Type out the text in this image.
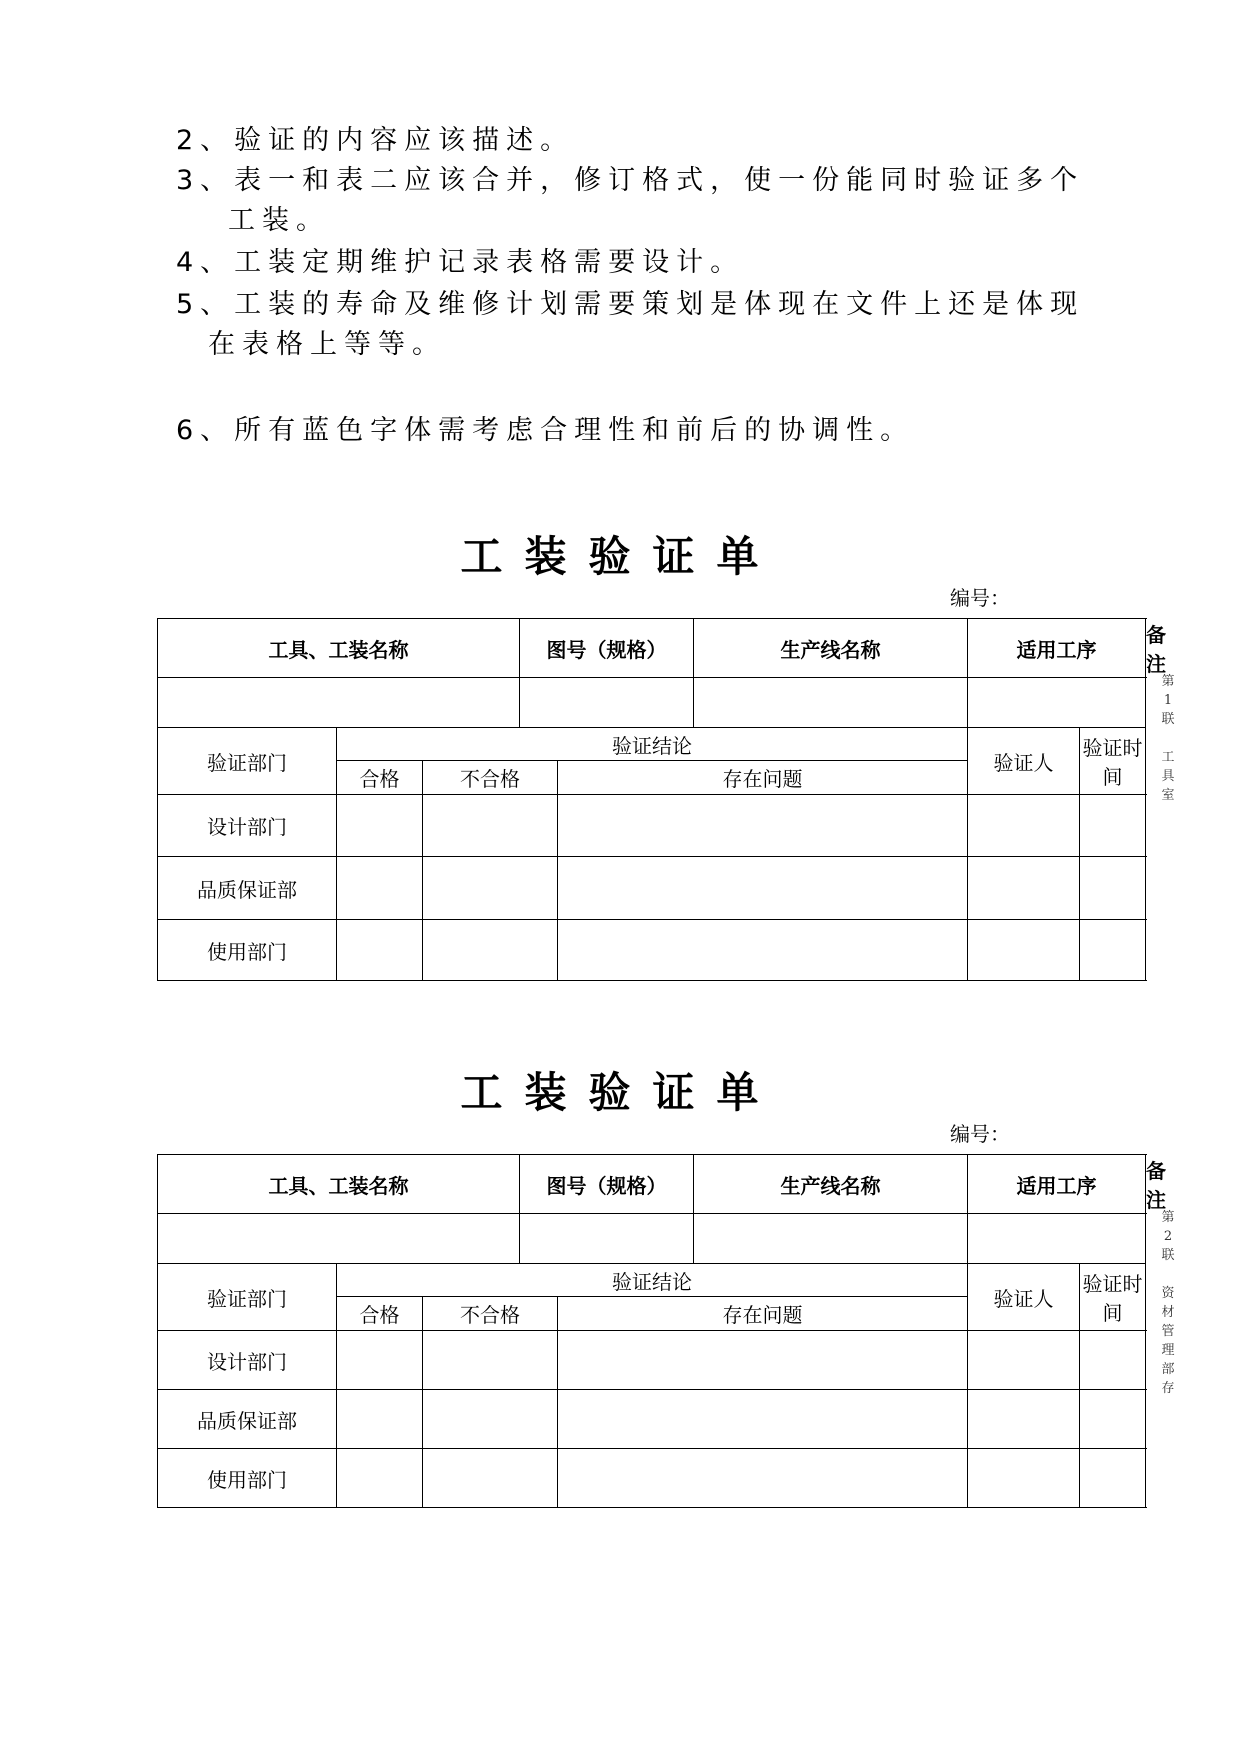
2、验证的内容应该描述。
3、表一和表二应该合并，修订格式，使一份能同时验证多个
工装。
4、工装定期维护记录表格需要设计。
5、工装的寿命及维修计划需要策划是体现在文件上还是体现
在表格上等等。
6、所有蓝色字体需考虑合理性和前后的协调性。
工装验证单
编号：
工具、工装名称			图号（规格）		生产线名称	适用工序		备注

验证部门	验证结论					验证人	验证时间	
	合格	不合格		存在问题				
设计部门								
品质保证部								
使用部门								
第
1
联
工
具
室
工装验证单
编号：
工具、工装名称			图号（规格）		生产线名称	适用工序		备注

验证部门	验证结论					验证人	验证时间	
	合格	不合格		存在问题				
设计部门								
品质保证部								
使用部门								
第
2
联
资
材
管
理
部
存
